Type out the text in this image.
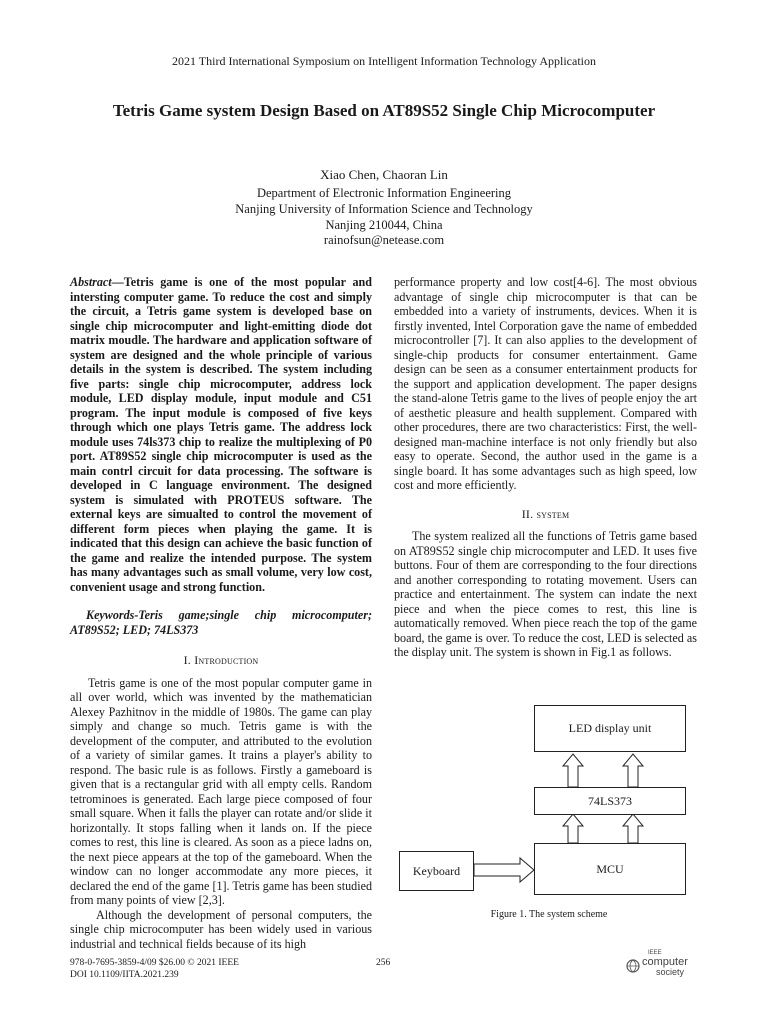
2021 Third International Symposium on Intelligent Information Technology Application
Tetris Game system Design Based on AT89S52 Single Chip Microcomputer
Xiao Chen, Chaoran Lin
Department of Electronic Information Engineering
Nanjing University of Information Science and Technology
Nanjing 210044, China
rainofsun@netease.com

Abstract—Tetris game is one of the most popular and intersting computer game. To reduce the cost and simply the circuit, a Tetris game system is developed base on single chip microcomputer and light-emitting diode dot matrix moudle. The hardware and application software of system are designed and the whole principle of various details in the system is described. The system including five parts: single chip microcomputer, address lock module, LED display module, input module and C51 program. The input module is composed of five keys through which one plays Tetris game. The address lock module uses 74ls373 chip to realize the multiplexing of P0 port. AT89S52 single chip microcomputer is used as the main contrl circuit for data processing. The software is developed in C language environment. The designed system is simulated with PROTEUS software. The external keys are simualted to control the movement of different form pieces when playing the game. It is indicated that this design can achieve the basic function of the game and realize the intended purpose. The system has many advantages such as small volume, very low cost, convenient usage and strong function.

Keywords-Teris game;single chip microcomputer; AT89S52; LED; 74LS373

I. Introduction

Tetris game is one of the most popular computer game in all over world, which was invented by the mathematician Alexey Pazhitnov in the middle of 1980s. The game can play simply and change so much. Tetris game is with the development of the computer, and attributed to the evolution of a variety of similar games. It trains a player's ability to respond. The basic rule is as follows. Firstly a gameboard is given that is a rectangular grid with all empty cells. Random tetrominoes is generated. Each large piece composed of four small square. When it falls the player can rotate and/or slide it horizontally. It stops falling when it lands on. If the piece comes to rest, this line is cleared. As soon as a piece ladns on, the next piece appears at the top of the gameboard. When the window can no longer accommodate any more pieces, it declared the end of the game [1]. Tetris game has been studied from many points of view [2,3].

Although the development of personal computers, the single chip microcomputer has been widely used in various industrial and technical fields because of its high

performance property and low cost[4-6]. The most obvious advantage of single chip microcomputer is that can be embedded into a variety of instruments, devices. When it is firstly invented, Intel Corporation gave the name of embedded microcontroller [7]. It can also applies to the development of single-chip products for consumer entertainment. Game design can be seen as a consumer entertainment products for the support and application development. The paper designs the stand-alone Tetris game to the lives of people enjoy the art of aesthetic pleasure and health supplement. Compared with other procedures, there are two characteristics: First, the well-designed man-machine interface is not only friendly but also easy to operate. Second, the author used in the game is a single board. It has some advantages such as high speed, low cost and more efficiently.

II. system

The system realized all the functions of Tetris game based on AT89S52 single chip microcomputer and LED. It uses five buttons. Four of them are corresponding to the four directions and another corresponding to rotating movement. Users can practice and entertainment. The system can indate the next piece and when the piece comes to rest, this line is automatically removed. When piece reach the top of the game board, the game is over. To reduce the cost, LED is selected as the display unit. The system is shown in Fig.1 as follows.

LED display unit
74LS373
MCU
Keyboard
Figure 1. The system scheme
978-0-7695-3859-4/09 $26.00 © 2021 IEEE
DOI 10.1109/IITA.2021.239
256
IEEE
computer
society
